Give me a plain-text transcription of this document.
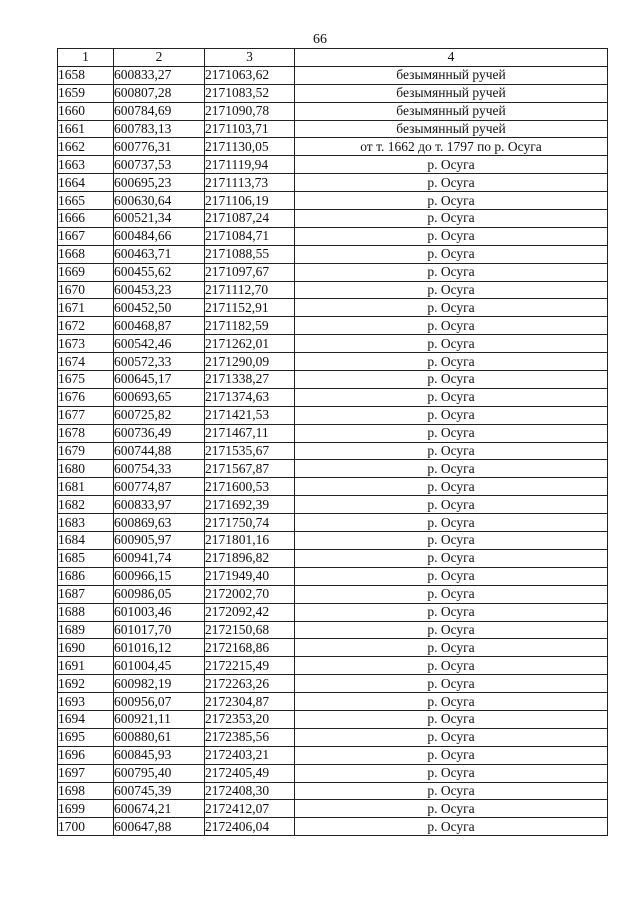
66
1	2	3	4
1658	600833,27	2171063,62	безымянный ручей
1659	600807,28	2171083,52	безымянный ручей
1660	600784,69	2171090,78	безымянный ручей
1661	600783,13	2171103,71	безымянный ручей
1662	600776,31	2171130,05	от т. 1662 до т. 1797 по р. Осуга
1663	600737,53	2171119,94	р. Осуга
1664	600695,23	2171113,73	р. Осуга
1665	600630,64	2171106,19	р. Осуга
1666	600521,34	2171087,24	р. Осуга
1667	600484,66	2171084,71	р. Осуга
1668	600463,71	2171088,55	р. Осуга
1669	600455,62	2171097,67	р. Осуга
1670	600453,23	2171112,70	р. Осуга
1671	600452,50	2171152,91	р. Осуга
1672	600468,87	2171182,59	р. Осуга
1673	600542,46	2171262,01	р. Осуга
1674	600572,33	2171290,09	р. Осуга
1675	600645,17	2171338,27	р. Осуга
1676	600693,65	2171374,63	р. Осуга
1677	600725,82	2171421,53	р. Осуга
1678	600736,49	2171467,11	р. Осуга
1679	600744,88	2171535,67	р. Осуга
1680	600754,33	2171567,87	р. Осуга
1681	600774,87	2171600,53	р. Осуга
1682	600833,97	2171692,39	р. Осуга
1683	600869,63	2171750,74	р. Осуга
1684	600905,97	2171801,16	р. Осуга
1685	600941,74	2171896,82	р. Осуга
1686	600966,15	2171949,40	р. Осуга
1687	600986,05	2172002,70	р. Осуга
1688	601003,46	2172092,42	р. Осуга
1689	601017,70	2172150,68	р. Осуга
1690	601016,12	2172168,86	р. Осуга
1691	601004,45	2172215,49	р. Осуга
1692	600982,19	2172263,26	р. Осуга
1693	600956,07	2172304,87	р. Осуга
1694	600921,11	2172353,20	р. Осуга
1695	600880,61	2172385,56	р. Осуга
1696	600845,93	2172403,21	р. Осуга
1697	600795,40	2172405,49	р. Осуга
1698	600745,39	2172408,30	р. Осуга
1699	600674,21	2172412,07	р. Осуга
1700	600647,88	2172406,04	р. Осуга
